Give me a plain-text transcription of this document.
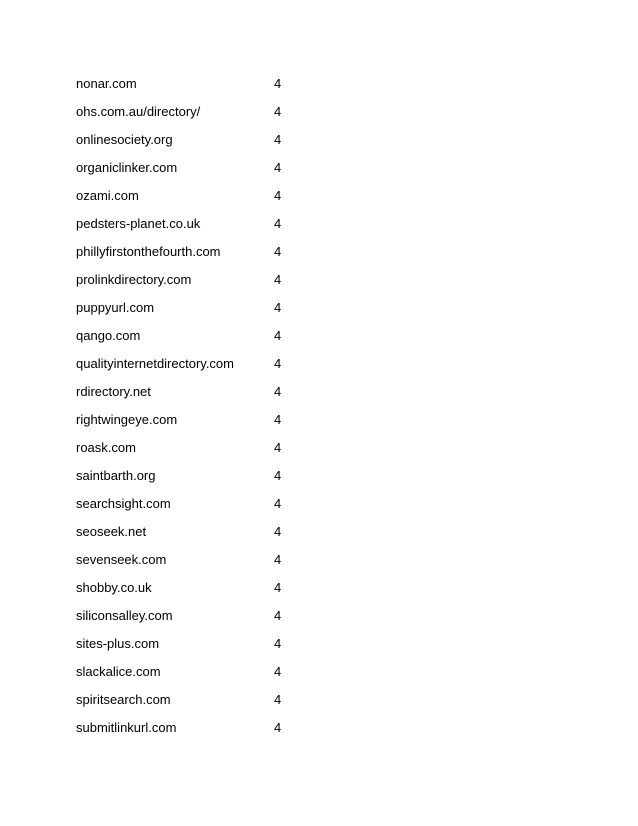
nonar.com	4
ohs.com.au/directory/	4
onlinesociety.org	4
organiclinker.com	4
ozami.com	4
pedsters-planet.co.uk	4
phillyfirstonthefourth.com	4
prolinkdirectory.com	4
puppyurl.com	4
qango.com	4
qualityinternetdirectory.com	4
rdirectory.net	4
rightwingeye.com	4
roask.com	4
saintbarth.org	4
searchsight.com	4
seoseek.net	4
sevenseek.com	4
shobby.co.uk	4
siliconsalley.com	4
sites-plus.com	4
slackalice.com	4
spiritsearch.com	4
submitlinkurl.com	4
